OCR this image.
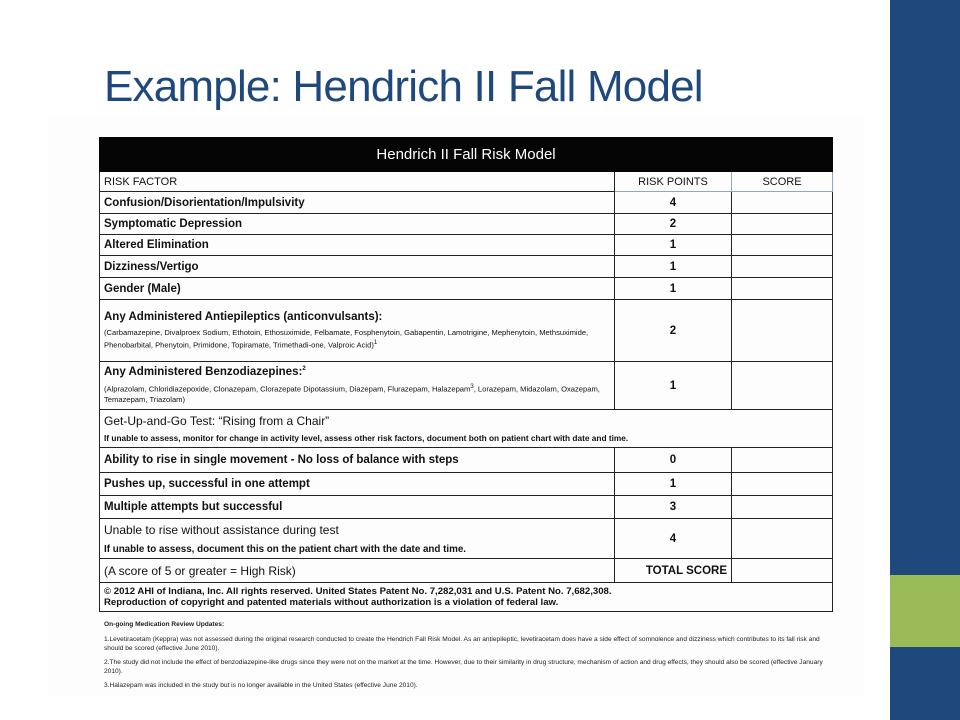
Example: Hendrich II Fall Model
Hendrich II Fall Risk Model		
RISK FACTOR	RISK POINTS	SCORE
Confusion/Disorientation/Impulsivity	4	
Symptomatic Depression	2	
Altered Elimination	1	
Dizziness/Vertigo	1	
Gender (Male)	1	
Any Administered Antiepileptics (anticonvulsants):
(Carbamazepine, Divalproex Sodium, Ethotoin, Ethosuximide, Felbamate, Fosphenytoin, Gabapentin, Lamotrigine, Mephenytoin, Methsuximide, Phenobarbital, Phenytoin, Primidone, Topiramate, Trimethadi-one, Valproic Acid)$^1$	2	
Any Administered Benzodiazepines:$^2$
(Alprazolam, Chloridiazepoxide, Clonazepam, Clorazepate Dipotassium, Diazepam, Flurazepam, Halazepam$^3$, Lorazepam, Midazolam, Oxazepam, Temazepam, Triazolam)	1	
Get-Up-and-Go Test: “Rising from a Chair”
If unable to assess, monitor for change in activity level, assess other risk factors, document both on patient chart with date and time.		

Ability to rise in single movement - No loss of balance with steps	0	
Pushes up, successful in one attempt	1	
Multiple attempts but successful	3	
Unable to rise without assistance during test
If unable to assess, document this on the patient chart with the date and time.	4	
(A score of 5 or greater = High Risk)	TOTAL SCORE	

© 2012 AHI of Indiana, Inc. All rights reserved. United States Patent No. 7,282,031 and U.S. Patent No. 7,682,308.
Reproduction of copyright and patented materials without authorization is a violation of federal law.		
On-going Medication Review Updates:
1.Levetiracetam (Keppra) was not assessed during the original research conducted to create the Hendrich Fall Risk Model. As an antiepileptic, levetiracetam does have a side effect of somnolence and dizziness which contributes to its fall risk and should be scored (effective June 2010).
2.The study did not include the effect of benzodiazepine-like drugs since they were not on the market at the time. However, due to their similarity in drug structure, mechanism of action and drug effects, they should also be scored (effective January 2010).
3.Halazepam was included in the study but is no longer available in the United States (effective June 2010).
